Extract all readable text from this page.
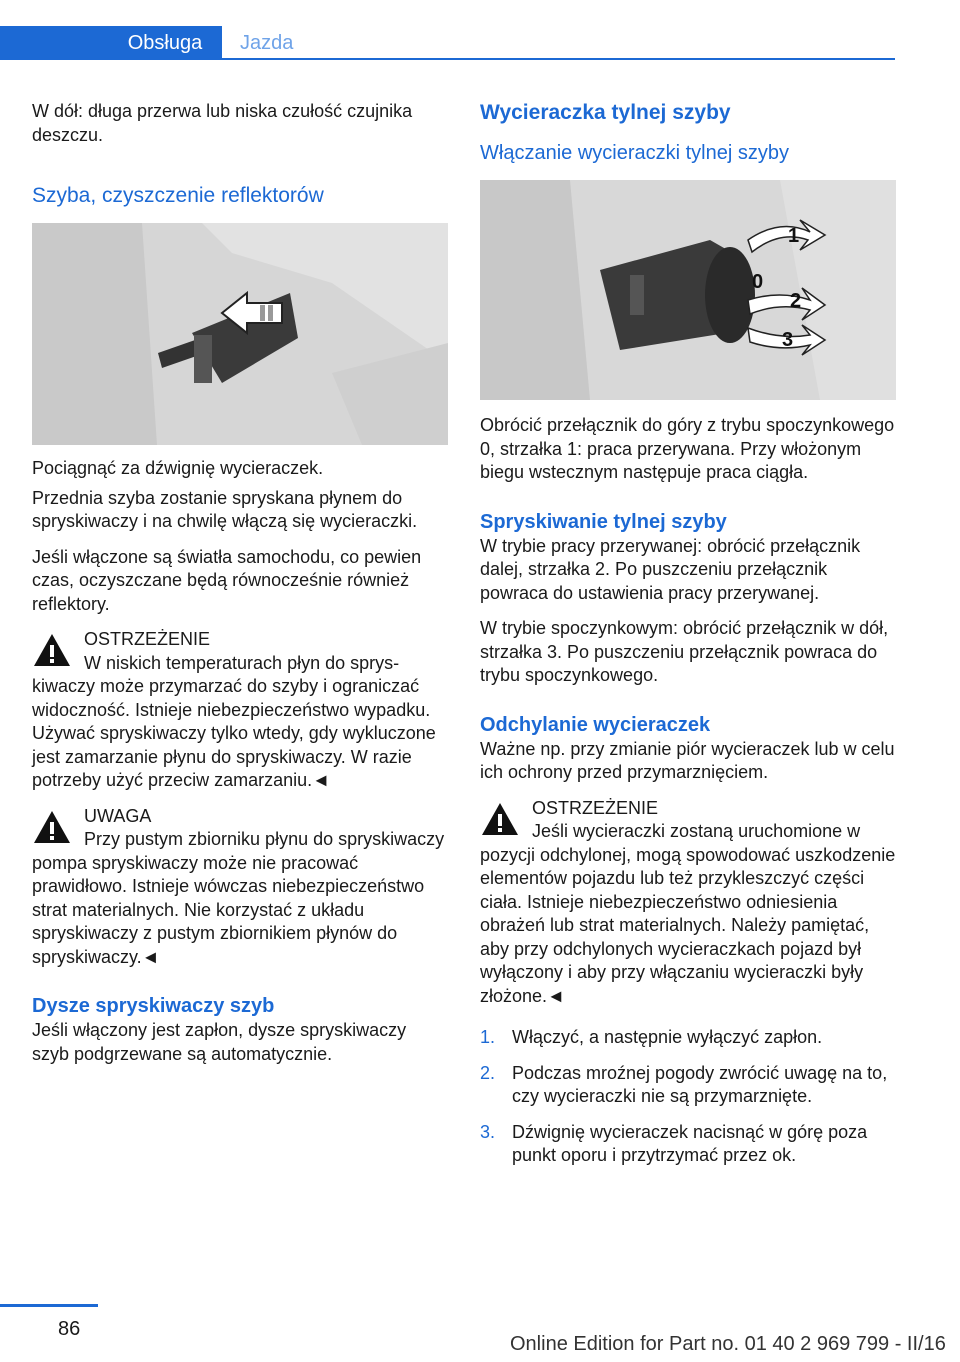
Obsługa	Jazda

W dół: długa przerwa lub niska czułość czujnika deszczu.

Szyba, czyszczenie reflektorów

Pociągnąć za dźwignię wycieraczek.

Przednia szyba zostanie spryskana płynem do spryskiwaczy i na chwilę włączą się wycieraczki.

Jeśli włączone są światła samochodu, co pewien czas, oczyszczane będą równocześnie również reflektory.

OSTRZEŻENIE

W niskich temperaturach płyn do spryskiwaczy może przymarzać do szyby i ograniczać widoczność. Istnieje niebezpieczeństwo wypadku. Używać spryskiwaczy tylko wtedy, gdy wykluczone jest zamarzanie płynu do spryskiwaczy. W razie potrzeby użyć przeciw zamarzaniu.◄

UWAGA

Przy pustym zbiorniku płynu do spryskiwaczy pompa spryskiwaczy może nie pracować prawidłowo. Istnieje wówczas niebezpieczeństwo strat materialnych. Nie korzystać z układu spryskiwaczy z pustym zbiornikiem płynów do spryskiwaczy.◄

Dysze spryskiwaczy szyb

Jeśli włączony jest zapłon, dysze spryskiwaczy szyb podgrzewane są automatycznie.

Wycieraczka tylnej szyby
Włączanie wycieraczki tylnej szyby
1
0
2
3

Obrócić przełącznik do góry z trybu spoczynkowego 0, strzałka 1: praca przerywana. Przy włożonym biegu wstecznym następuje praca ciągła.

Spryskiwanie tylnej szyby

W trybie pracy przerywanej: obrócić przełącznik dalej, strzałka 2. Po puszczeniu przełącznik powraca do ustawienia pracy przerywanej.

W trybie spoczynkowym: obrócić przełącznik w dół, strzałka 3. Po puszczeniu przełącznik powraca do trybu spoczynkowego.

Odchylanie wycieraczek

Ważne np. przy zmianie piór wycieraczek lub w celu ich ochrony przed przymarznięciem.

OSTRZEŻENIE

Jeśli wycieraczki zostaną uruchomione w pozycji odchylonej, mogą spowodować uszkodzenie elementów pojazdu lub też przykleszczyć części ciała. Istnieje niebezpieczeństwo odniesienia obrażeń lub strat materialnych. Należy pamiętać, aby przy odchylonych wycieraczkach pojazd był wyłączony i aby przy włączaniu wycieraczki były złożone.◄

1. Włączyć, a następnie wyłączyć zapłon.
2. Podczas mroźnej pogody zwrócić uwagę na to, czy wycieraczki nie są przymarznięte.
3. Dźwignię wycieraczek nacisnąć w górę poza punkt oporu i przytrzymać przez ok.
86
Online Edition for Part no. 01 40 2 969 799 - II/16
